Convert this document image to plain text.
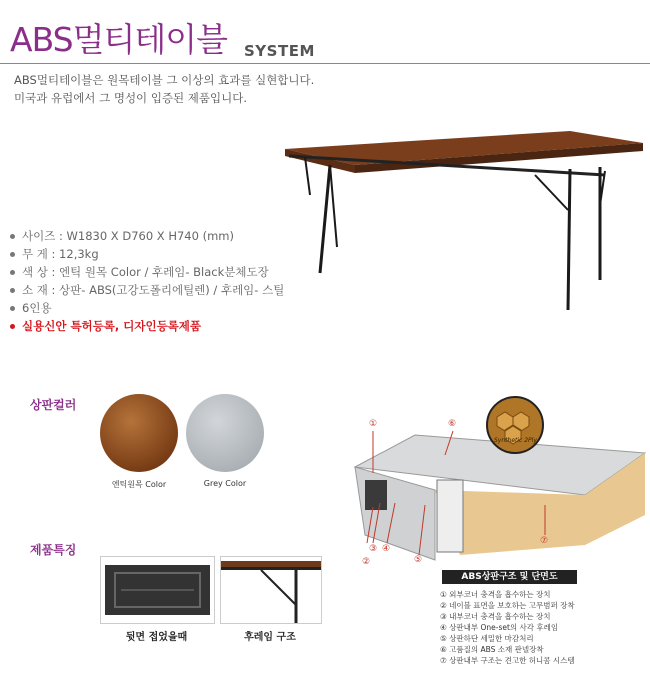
ABS멀티테이블 SYSTEM
ABS멀티테이블은 원목테이블 그 이상의 효과를 실현합니다.
미국과 유럽에서 그 명성이 입증된 제품입니다.
사이즈 : W1830 X D760 X H740 (mm)
무 게 : 12,3kg
색 상 : 엔틱 원목 Color / 후레임- Black분체도장
소 재 : 상판- ABS(고강도폴리에틸렌) / 후레임- 스틸
6인용
실용신안 특허등록, 디자인등록제품
상판컬러
엔틱원목 Color	Grey Color
제품특징
뒷면 접었을때	후레임 구조
①	⑥
②
③ ④
⑤
⑦
Synthetic 2Ply
ABS상판구조 및 단면도
① 외부코너 충격을 흡수하는 장치
② 네이블 표면을 보호하는 고무범퍼 장착
③ 내부코너 충격을 흡수하는 장치
④ 상판내부 One-set의 사각 후레임
⑤ 상판하단 세밀한 마감처리
⑥ 고품질의 ABS 소재 판넬장착
⑦ 상판내부 구조는 견고한 허니콤 시스템
